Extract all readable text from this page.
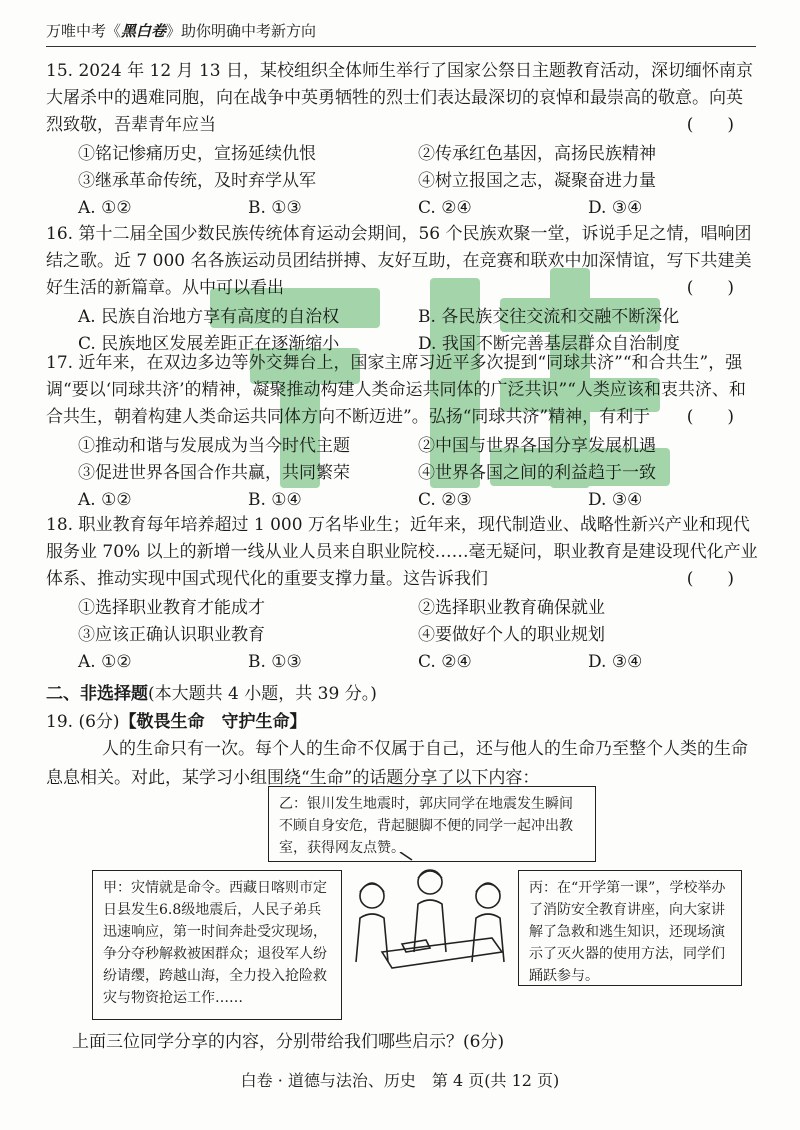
万唯中考《黑白卷》助你明确中考新方向
15. 2024 年 12 月 13 日，某校组织全体师生举行了国家公祭日主题教育活动，深切缅怀南京大屠杀中的遇难同胞，向在战争中英勇牺牲的烈士们表达最深切的哀悼和最崇高的敬意。向英烈致敬，吾辈青年应当	(　　)
①铭记惨痛历史，宣扬延续仇恨	②传承红色基因，高扬民族精神
③继承革命传统，及时弃学从军	④树立报国之志，凝聚奋进力量
A. ①②	B. ①③	C. ②④	D. ③④
16. 第十二届全国少数民族传统体育运动会期间，56 个民族欢聚一堂，诉说手足之情，唱响团结之歌。近 7 000 名各族运动员团结拼搏、友好互助，在竞赛和联欢中加深情谊，写下共建美好生活的新篇章。从中可以看出	(　　)
A. 民族自治地方享有高度的自治权	B. 各民族交往交流和交融不断深化
C. 民族地区发展差距正在逐渐缩小	D. 我国不断完善基层群众自治制度
17. 近年来，在双边多边等外交舞台上，国家主席习近平多次提到“同球共济”“和合共生”，强调“要以‘同球共济’的精神，凝聚推动构建人类命运共同体的广泛共识”“人类应该和衷共济、和合共生，朝着构建人类命运共同体方向不断迈进”。弘扬“同球共济”精神，有利于 (　　)
①推动和谐与发展成为当今时代主题	②中国与世界各国分享发展机遇
③促进世界各国合作共赢，共同繁荣	④世界各国之间的利益趋于一致
A. ①②	B. ①④	C. ②③	D. ③④
18. 职业教育每年培养超过 1 000 万名毕业生；近年来，现代制造业、战略性新兴产业和现代服务业 70% 以上的新增一线从业人员来自职业院校……毫无疑问，职业教育是建设现代化产业体系、推动实现中国式现代化的重要支撑力量。这告诉我们	(　　)
①选择职业教育才能成才	②选择职业教育确保就业
③应该正确认识职业教育	④要做好个人的职业规划
A. ①②	B. ①③	C. ②④	D. ③④
二、非选择题(本大题共 4 小题，共 39 分。)
19. (6分)【敬畏生命　守护生命】
人的生命只有一次。每个人的生命不仅属于自己，还与他人的生命乃至整个人类的生命息息相关。对此，某学习小组围绕“生命”的话题分享了以下内容：
乙：银川发生地震时，郭庆同学在地震发生瞬间不顾自身安危，背起腿脚不便的同学一起冲出教室，获得网友点赞。
甲：灾情就是命令。西藏日喀则市定日县发生6.8级地震后，人民子弟兵迅速响应，第一时间奔赴受灾现场，争分夺秒解救被困群众；退役军人纷纷请缨，跨越山海，全力投入抢险救灾与物资抢运工作……
丙：在“开学第一课”，学校举办了消防安全教育讲座，向大家讲解了急救和逃生知识，还现场演示了灭火器的使用方法，同学们踊跃参与。
上面三位同学分享的内容，分别带给我们哪些启示？(6分)
白卷 · 道德与法治、历史　第 4 页(共 12 页)
